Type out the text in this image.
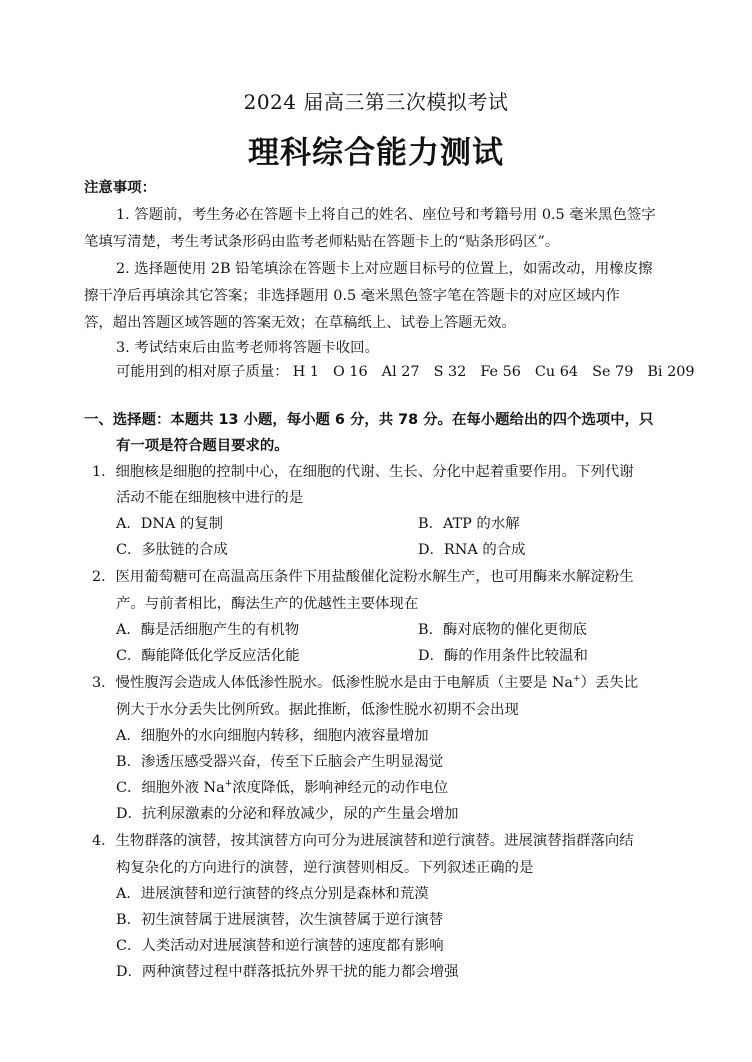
2024 届高三第三次模拟考试
理科综合能力测试
注意事项：
1. 答题前，考生务必在答题卡上将自己的姓名、座位号和考籍号用 0.5 毫米黑色签字
笔填写清楚，考生考试条形码由监考老师粘贴在答题卡上的“贴条形码区”。
2. 选择题使用 2B 铅笔填涂在答题卡上对应题目标号的位置上，如需改动，用橡皮擦
擦干净后再填涂其它答案；非选择题用 0.5 毫米黑色签字笔在答题卡的对应区域内作
答，超出答题区域答题的答案无效；在草稿纸上、试卷上答题无效。
3. 考试结束后由监考老师将答题卡收回。
可能用到的相对原子质量： H 1 O 16 Al 27 S 32 Fe 56 Cu 64 Se 79 Bi 209
一、选择题：本题共 13 小题，每小题 6 分，共 78 分。在每小题给出的四个选项中，只
有一项是符合题目要求的。
1．细胞核是细胞的控制中心，在细胞的代谢、生长、分化中起着重要作用。下列代谢
活动不能在细胞核中进行的是
A．DNA 的复制	B．ATP 的水解
C．多肽链的合成	D．RNA 的合成
2．医用葡萄糖可在高温高压条件下用盐酸催化淀粉水解生产，也可用酶来水解淀粉生
产。与前者相比，酶法生产的优越性主要体现在
A．酶是活细胞产生的有机物	B．酶对底物的催化更彻底
C．酶能降低化学反应活化能	D．酶的作用条件比较温和
3．慢性腹泻会造成人体低渗性脱水。低渗性脱水是由于电解质（主要是 Na+）丢失比
例大于水分丢失比例所致。据此推断，低渗性脱水初期不会出现
A．细胞外的水向细胞内转移，细胞内液容量增加
B．渗透压感受器兴奋，传至下丘脑会产生明显渴觉
C．细胞外液 Na+浓度降低，影响神经元的动作电位
D．抗利尿激素的分泌和释放减少，尿的产生量会增加
4．生物群落的演替，按其演替方向可分为进展演替和逆行演替。进展演替指群落向结
构复杂化的方向进行的演替，逆行演替则相反。下列叙述正确的是
A．进展演替和逆行演替的终点分别是森林和荒漠
B．初生演替属于进展演替，次生演替属于逆行演替
C．人类活动对进展演替和逆行演替的速度都有影响
D．两种演替过程中群落抵抗外界干扰的能力都会增强
